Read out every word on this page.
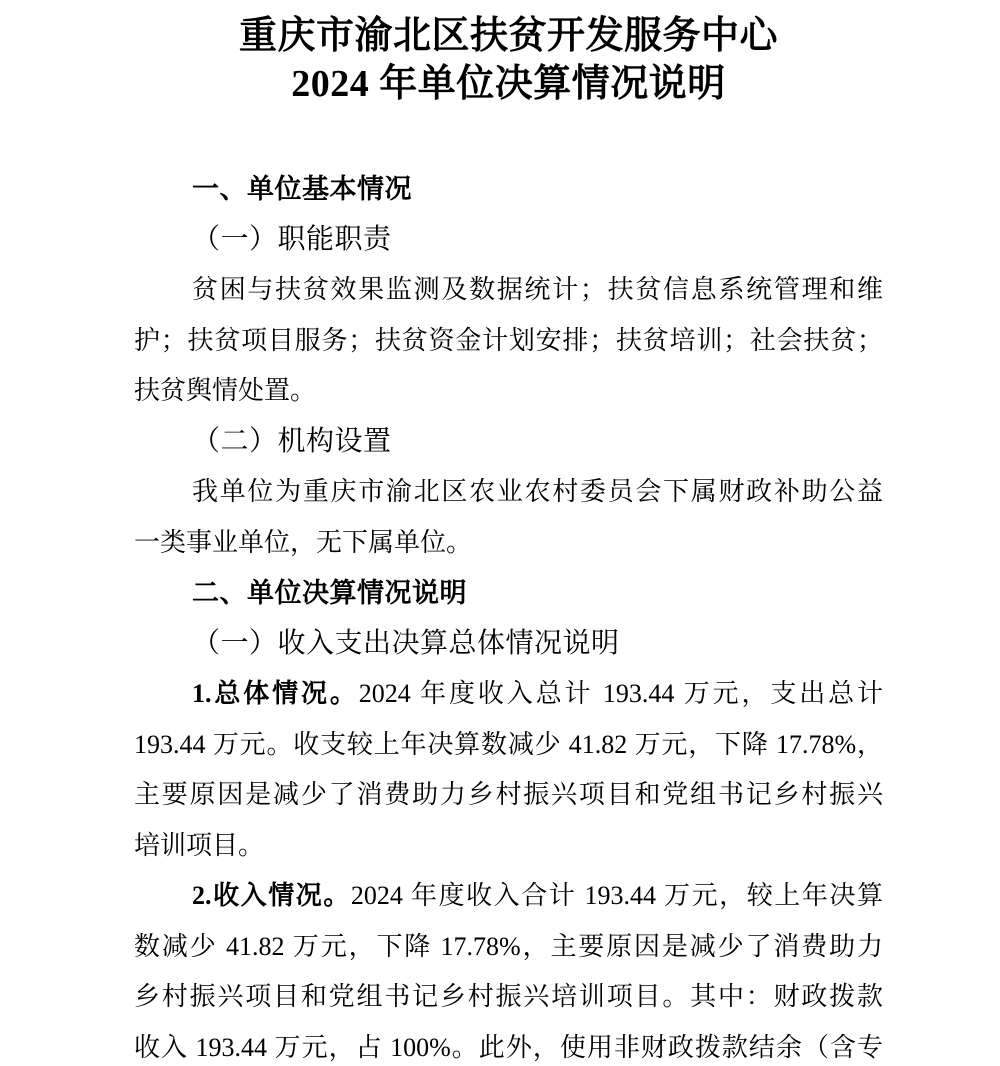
重庆市渝北区扶贫开发服务中心
2024 年单位决算情况说明
一、单位基本情况
（一）职能职责
贫困与扶贫效果监测及数据统计；扶贫信息系统管理和维
护；扶贫项目服务；扶贫资金计划安排；扶贫培训；社会扶贫；
扶贫舆情处置。
（二）机构设置
我单位为重庆市渝北区农业农村委员会下属财政补助公益
一类事业单位，无下属单位。
二、单位决算情况说明
（一）收入支出决算总体情况说明
1.总体情况。2024 年度收入总计 193.44 万元，支出总计
193.44 万元。收支较上年决算数减少 41.82 万元，下降 17.78%，
主要原因是减少了消费助力乡村振兴项目和党组书记乡村振兴
培训项目。
2.收入情况。2024 年度收入合计 193.44 万元，较上年决算
数减少 41.82 万元，下降 17.78%，主要原因是减少了消费助力
乡村振兴项目和党组书记乡村振兴培训项目。其中：财政拨款
收入 193.44 万元，占 100%。此外，使用非财政拨款结余（含专
